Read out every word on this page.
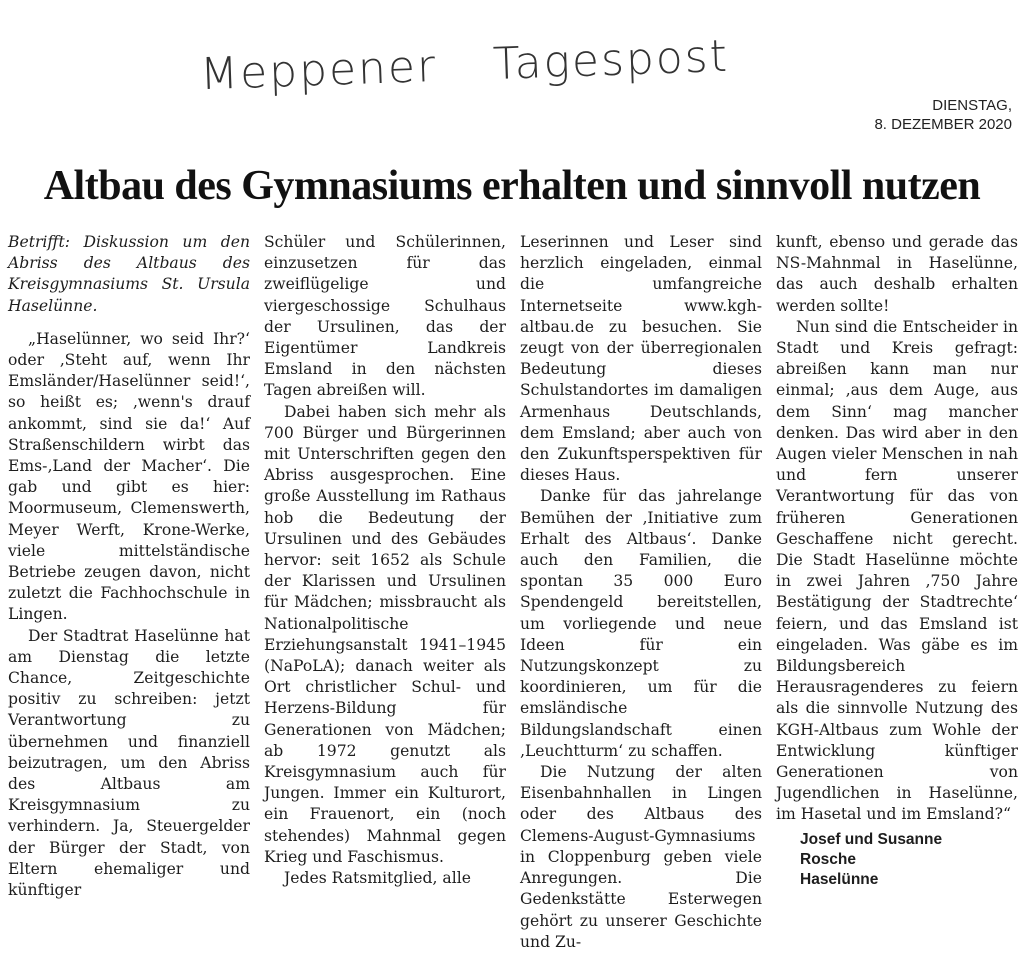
Meppener Tagespost
DIENSTAG,
8. DEZEMBER 2020
Altbau des Gymnasiums erhalten und sinnvoll nutzen

Betrifft: Diskussion um den Abriss des Altbaus des Kreisgymnasiums St. Ursula Haselünne.

„Haselünner, wo seid Ihr?‘ oder ‚Steht auf, wenn Ihr Emsländer/Haselünner seid!‘, so heißt es; ‚wenn's drauf ankommt, sind sie da!‘ Auf Straßenschildern wirbt das Ems-‚Land der Macher‘. Die gab und gibt es hier: Moormuseum, Clemenswerth, Meyer Werft, Krone-Werke, viele mittelständische Betriebe zeugen davon, nicht zuletzt die Fachhochschule in Lingen.

Der Stadtrat Haselünne hat am Dienstag die letzte Chance, Zeitgeschichte positiv zu schreiben: jetzt Verantwortung zu übernehmen und finanziell beizutragen, um den Abriss des Altbaus am Kreisgymnasium zu verhindern. Ja, Steuergelder der Bürger der Stadt, von Eltern ehemaliger und künftiger

Schüler und Schülerinnen, einzusetzen für das zweiflügelige und viergeschossige Schulhaus der Ursulinen, das der Eigentümer Landkreis Emsland in den nächsten Tagen abreißen will.

Dabei haben sich mehr als 700 Bürger und Bürgerinnen mit Unterschriften gegen den Abriss ausgesprochen. Eine große Ausstellung im Rathaus hob die Bedeutung der Ursulinen und des Gebäudes hervor: seit 1652 als Schule der Klarissen und Ursulinen für Mädchen; missbraucht als Nationalpolitische Erziehungsanstalt 1941–1945 (NaPoLA); danach weiter als Ort christlicher Schul- und Herzens-Bildung für Generationen von Mädchen; ab 1972 genutzt als Kreisgymnasium auch für Jungen. Immer ein Kulturort, ein Frauenort, ein (noch stehendes) Mahnmal gegen Krieg und Faschismus.

Jedes Ratsmitglied, alle

Leserinnen und Leser sind herzlich eingeladen, einmal die umfangreiche Internetseite www.kgh-altbau.de zu besuchen. Sie zeugt von der überregionalen Bedeutung dieses Schulstandortes im damaligen Armenhaus Deutschlands, dem Emsland; aber auch von den Zukunftsperspektiven für dieses Haus.

Danke für das jahrelange Bemühen der ‚Initiative zum Erhalt des Altbaus‘. Danke auch den Familien, die spontan 35 000 Euro Spendengeld bereitstellen, um vorliegende und neue Ideen für ein Nutzungskonzept zu koordinieren, um für die emsländische Bildungslandschaft einen ‚Leuchtturm‘ zu schaffen.

Die Nutzung der alten Eisenbahnhallen in Lingen oder des Altbaus des Clemens-August-Gymnasiums in Cloppenburg geben viele Anregungen. Die Gedenkstätte Esterwegen gehört zu unserer Geschichte und Zu-

kunft, ebenso und gerade das NS-Mahnmal in Haselünne, das auch deshalb erhalten werden sollte!

Nun sind die Entscheider in Stadt und Kreis gefragt: abreißen kann man nur einmal; ‚aus dem Auge, aus dem Sinn‘ mag mancher denken. Das wird aber in den Augen vieler Menschen in nah und fern unserer Verantwortung für das von früheren Generationen Geschaffene nicht gerecht. Die Stadt Haselünne möchte in zwei Jahren ‚750 Jahre Bestätigung der Stadtrechte‘ feiern, und das Emsland ist eingeladen. Was gäbe es im Bildungsbereich Herausragenderes zu feiern als die sinnvolle Nutzung des KGH-Altbaus zum Wohle der Entwicklung künftiger Generationen von Jugendlichen in Haselünne, im Hasetal und im Emsland?“

Josef und Susanne
Rosche
Haselünne
